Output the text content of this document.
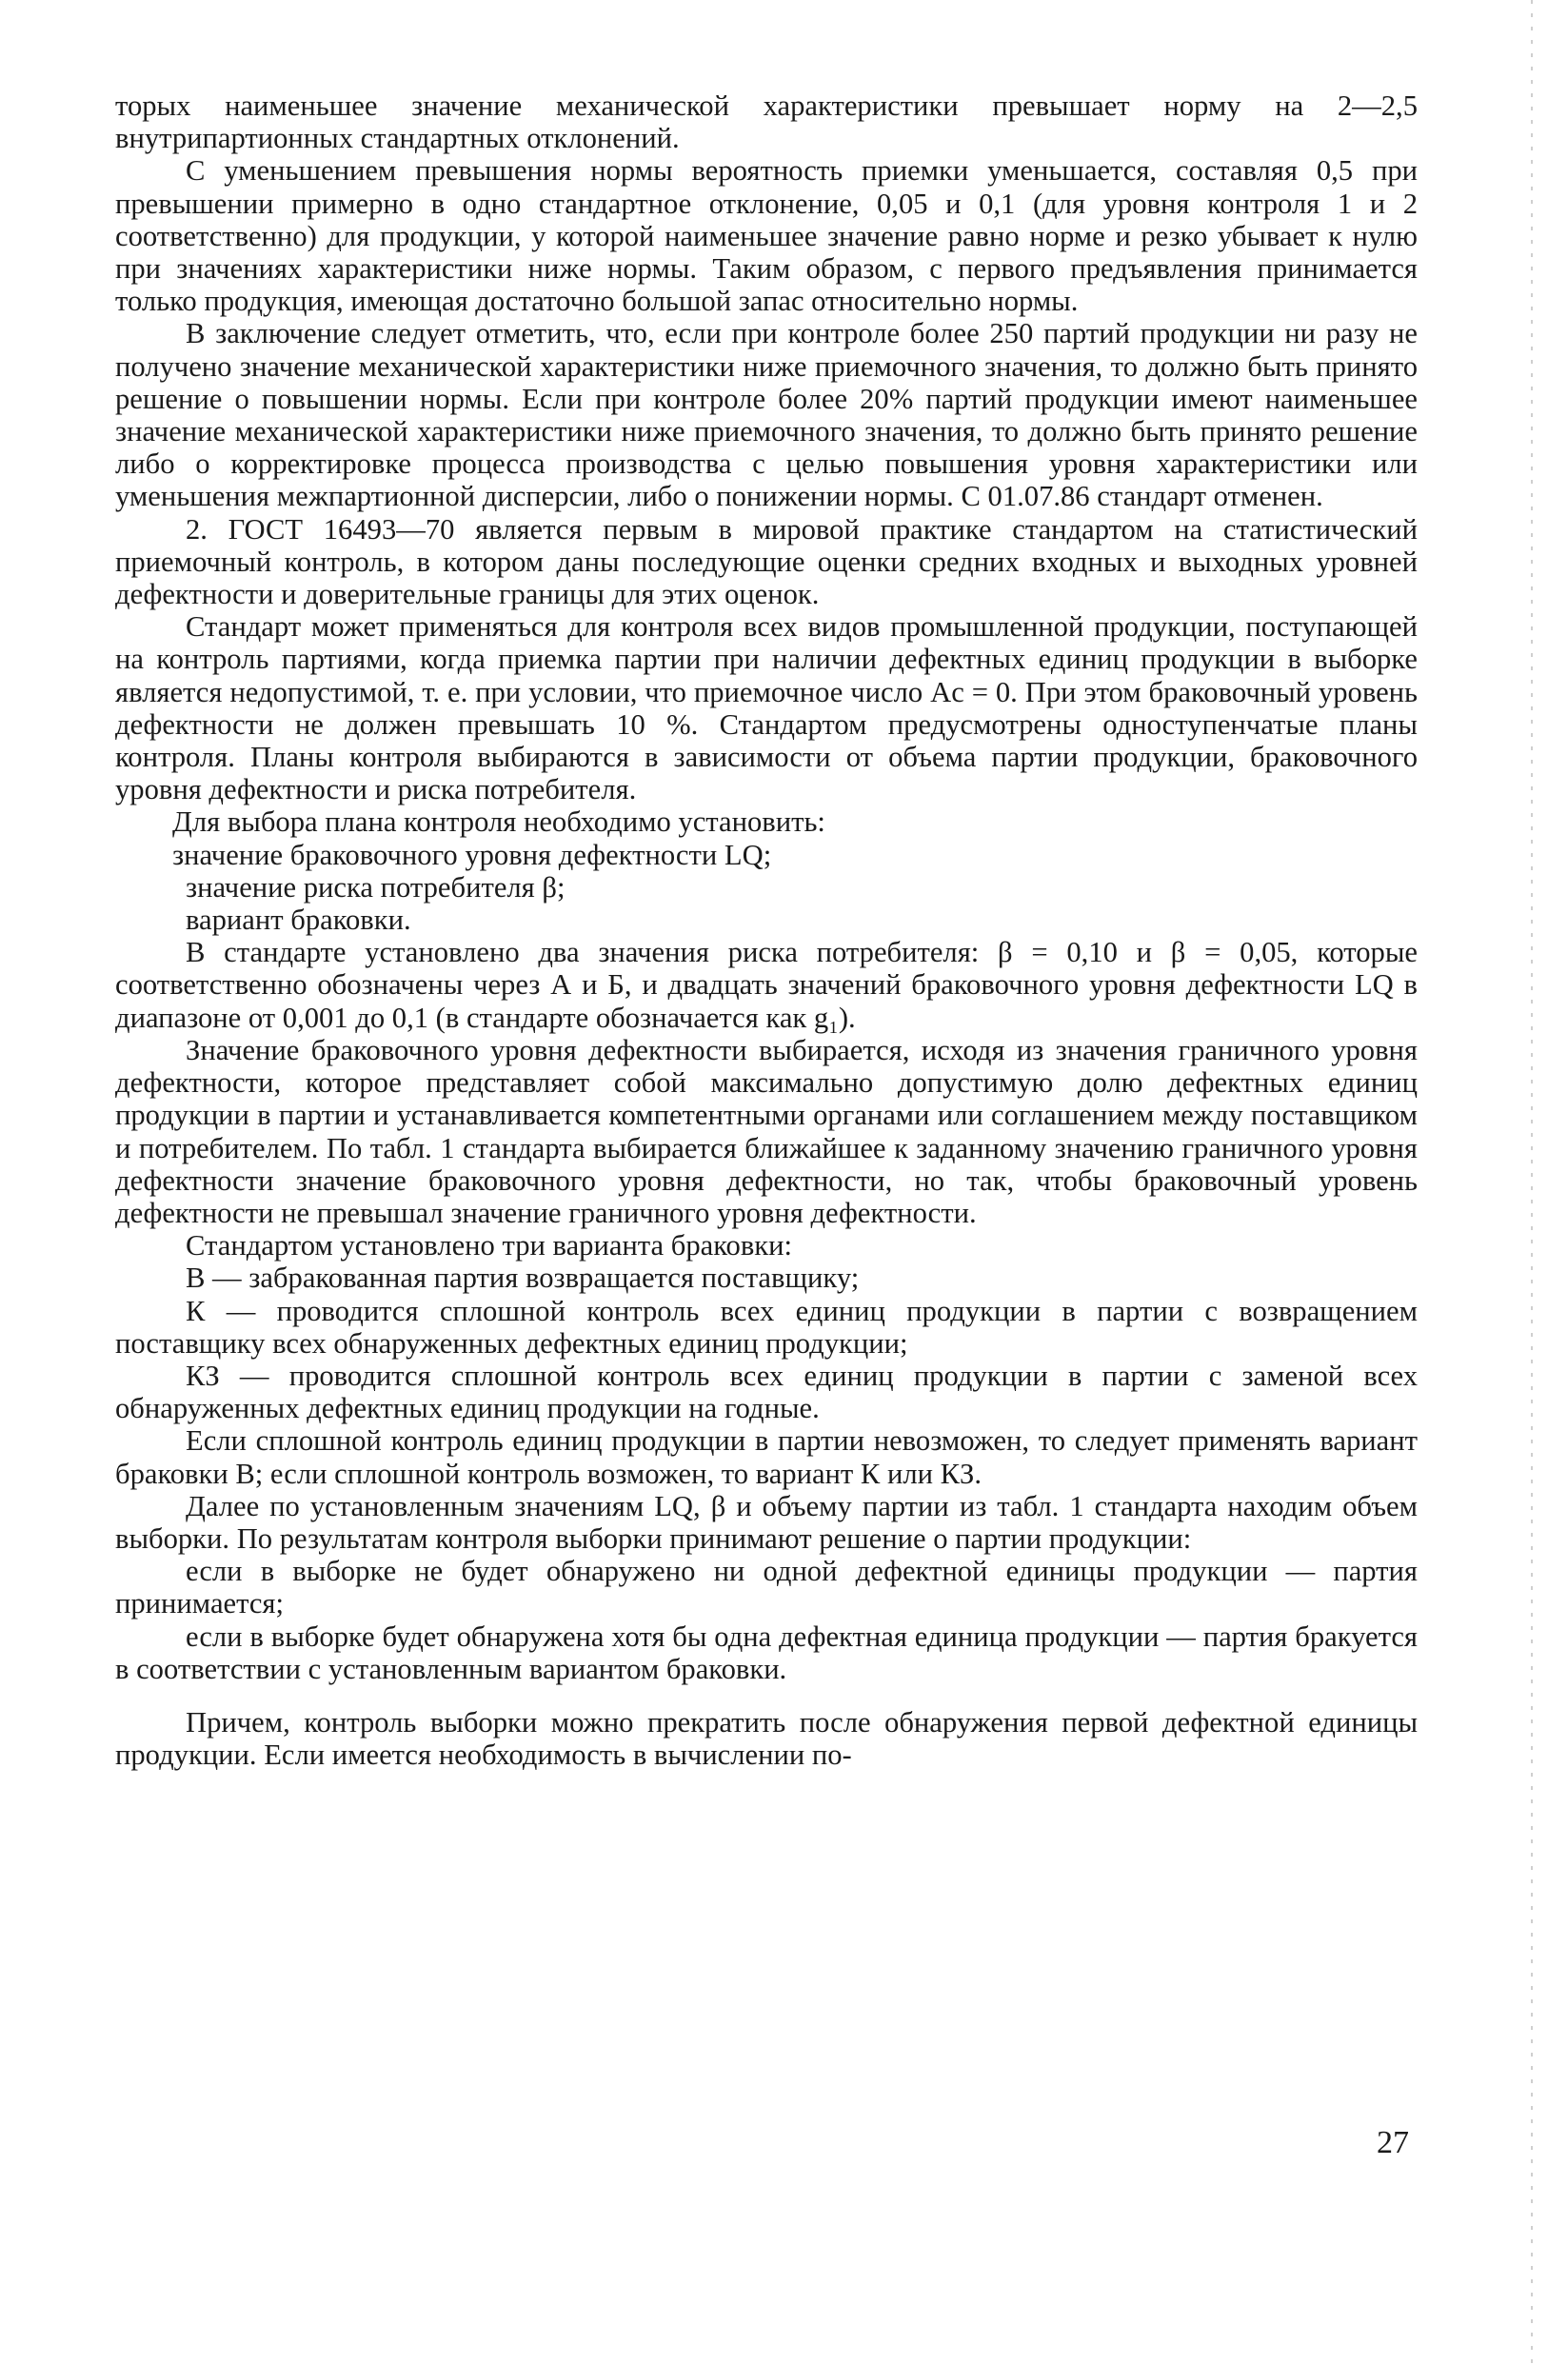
торых наименьшее значение механической характеристики превышает норму на 2—2,5 внутрипартионных стандартных отклонений.

С уменьшением превышения нормы вероятность приемки уменьшается, составляя 0,5 при превышении примерно в одно стандартное отклонение, 0,05 и 0,1 (для уровня контроля 1 и 2 соответственно) для продукции, у которой наименьшее значение равно норме и резко убывает к нулю при значениях характеристики ниже нормы. Таким образом, с первого предъявления принимается только продукция, имеющая достаточно большой запас относительно нормы.

В заключение следует отметить, что, если при контроле более 250 партий продукции ни разу не получено значение механической характеристики ниже приемочного значения, то должно быть принято решение о повышении нормы. Если при контроле более 20% партий продукции имеют наименьшее значение механической характеристики ниже приемочного значения, то должно быть принято решение либо о корректировке процесса производства с целью повышения уровня характеристики или уменьшения межпартионной дисперсии, либо о понижении нормы. С 01.07.86 стандарт отменен.

2. ГОСТ 16493—70 является первым в мировой практике стандартом на статистический приемочный контроль, в котором даны последующие оценки средних входных и выходных уровней дефектности и доверительные границы для этих оценок.

Стандарт может применяться для контроля всех видов промышленной продукции, поступающей на контроль партиями, когда приемка партии при наличии дефектных единиц продукции в выборке является недопустимой, т. е. при условии, что приемочное число Ac = 0. При этом браковочный уровень дефектности не должен превышать 10 %. Стандартом предусмотрены одноступенчатые планы контроля. Планы контроля выбираются в зависимости от объема партии продукции, браковочного уровня дефектности и риска потребителя.

Для выбора плана контроля необходимо установить:

значение браковочного уровня дефектности LQ;

значение риска потребителя β;

вариант браковки.

В стандарте установлено два значения риска потребителя: β = 0,10 и β = 0,05, которые соответственно обозначены через А и Б, и двадцать значений браковочного уровня дефектности LQ в диапазоне от 0,001 до 0,1 (в стандарте обозначается как g₁).

Значение браковочного уровня дефектности выбирается, исходя из значения граничного уровня дефектности, которое представляет собой максимально допустимую долю дефектных единиц продукции в партии и устанавливается компетентными органами или соглашением между поставщиком и потребителем. По табл. 1 стандарта выбирается ближайшее к заданному значению граничного уровня дефектности значение браковочного уровня дефектности, но так, чтобы браковочный уровень дефектности не превышал значение граничного уровня дефектности.

Стандартом установлено три варианта браковки:

В — забракованная партия возвращается поставщику;

К — проводится сплошной контроль всех единиц продукции в партии с возвращением поставщику всех обнаруженных дефектных единиц продукции;

КЗ — проводится сплошной контроль всех единиц продукции в партии с заменой всех обнаруженных дефектных единиц продукции на годные.

Если сплошной контроль единиц продукции в партии невозможен, то следует применять вариант браковки В; если сплошной контроль возможен, то вариант К или КЗ.

Далее по установленным значениям LQ, β и объему партии из табл. 1 стандарта находим объем выборки. По результатам контроля выборки принимают решение о партии продукции:

если в выборке не будет обнаружено ни одной дефектной единицы продукции — партия принимается;

если в выборке будет обнаружена хотя бы одна дефектная единица продукции — партия бракуется в соответствии с установленным вариантом браковки.

Причем, контроль выборки можно прекратить после обнаружения первой дефектной единицы продукции. Если имеется необходимость в вычислении по-

27
